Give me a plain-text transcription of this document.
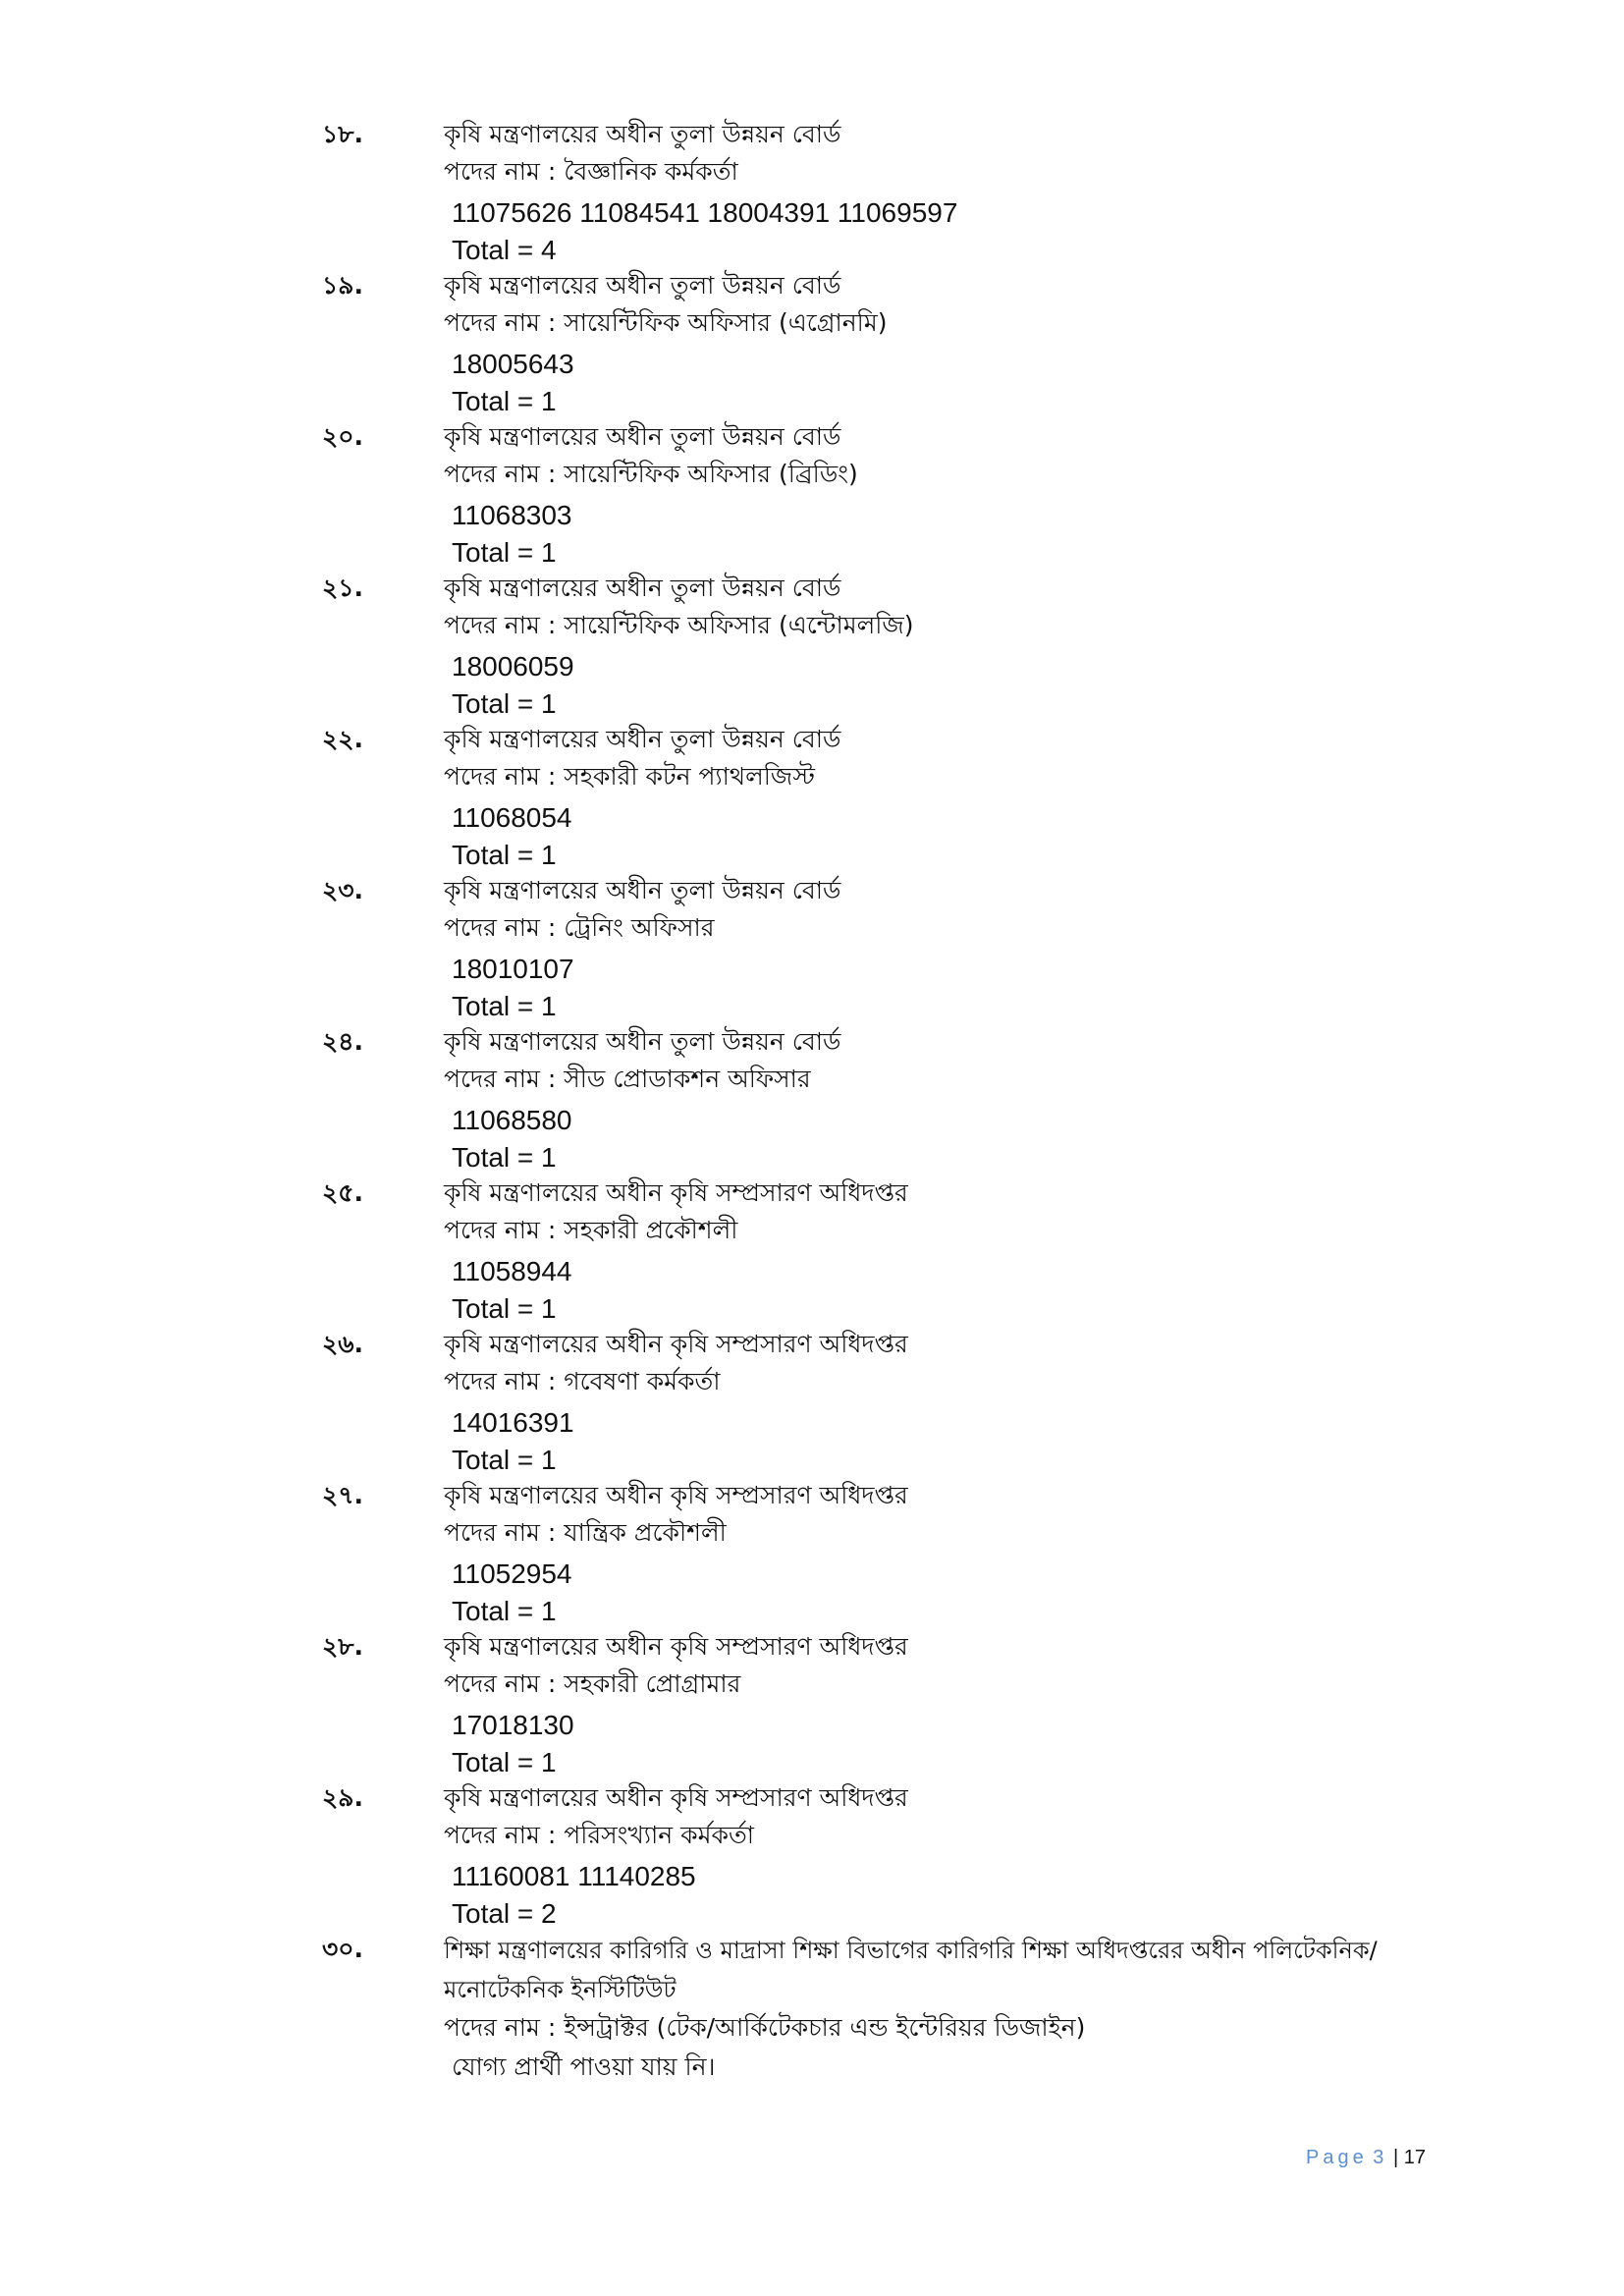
১৮.	কৃষি মন্ত্রণালয়ের অধীন তুলা উন্নয়ন বোর্ড
পদের নাম : বৈজ্ঞানিক কর্মকর্তা
11075626 11084541 18004391 11069597
Total = 4
১৯.	কৃষি মন্ত্রণালয়ের অধীন তুলা উন্নয়ন বোর্ড
পদের নাম : সায়েন্টিফিক অফিসার (এগ্রোনমি)
18005643
Total = 1
২০.	কৃষি মন্ত্রণালয়ের অধীন তুলা উন্নয়ন বোর্ড
পদের নাম : সায়েন্টিফিক অফিসার (ব্রিডিং)
11068303
Total = 1
২১.	কৃষি মন্ত্রণালয়ের অধীন তুলা উন্নয়ন বোর্ড
পদের নাম : সায়েন্টিফিক অফিসার (এন্টোমলজি)
18006059
Total = 1
২২.	কৃষি মন্ত্রণালয়ের অধীন তুলা উন্নয়ন বোর্ড
পদের নাম : সহকারী কটন প্যাথলজিস্ট
11068054
Total = 1
২৩.	কৃষি মন্ত্রণালয়ের অধীন তুলা উন্নয়ন বোর্ড
পদের নাম : ট্রেনিং অফিসার
18010107
Total = 1
২৪.	কৃষি মন্ত্রণালয়ের অধীন তুলা উন্নয়ন বোর্ড
পদের নাম : সীড প্রোডাকশন অফিসার
11068580
Total = 1
২৫.	কৃষি মন্ত্রণালয়ের অধীন কৃষি সম্প্রসারণ অধিদপ্তর
পদের নাম : সহকারী প্রকৌশলী
11058944
Total = 1
২৬.	কৃষি মন্ত্রণালয়ের অধীন কৃষি সম্প্রসারণ অধিদপ্তর
পদের নাম : গবেষণা কর্মকর্তা
14016391
Total = 1
২৭.	কৃষি মন্ত্রণালয়ের অধীন কৃষি সম্প্রসারণ অধিদপ্তর
পদের নাম : যান্ত্রিক প্রকৌশলী
11052954
Total = 1
২৮.	কৃষি মন্ত্রণালয়ের অধীন কৃষি সম্প্রসারণ অধিদপ্তর
পদের নাম : সহকারী প্রোগ্রামার
17018130
Total = 1
২৯.	কৃষি মন্ত্রণালয়ের অধীন কৃষি সম্প্রসারণ অধিদপ্তর
পদের নাম : পরিসংখ্যান কর্মকর্তা
11160081 11140285
Total = 2
৩০.	শিক্ষা মন্ত্রণালয়ের কারিগরি ও মাদ্রাসা শিক্ষা বিভাগের কারিগরি শিক্ষা অধিদপ্তরের অধীন পলিটেকনিক/ মনোটেকনিক ইনস্টিটিউট
পদের নাম : ইন্সট্রাক্টর (টেক/আর্কিটেকচার এন্ড ইন্টেরিয়র ডিজাইন)
যোগ্য প্রার্থী পাওয়া যায় নি।
Page 3 | 17
